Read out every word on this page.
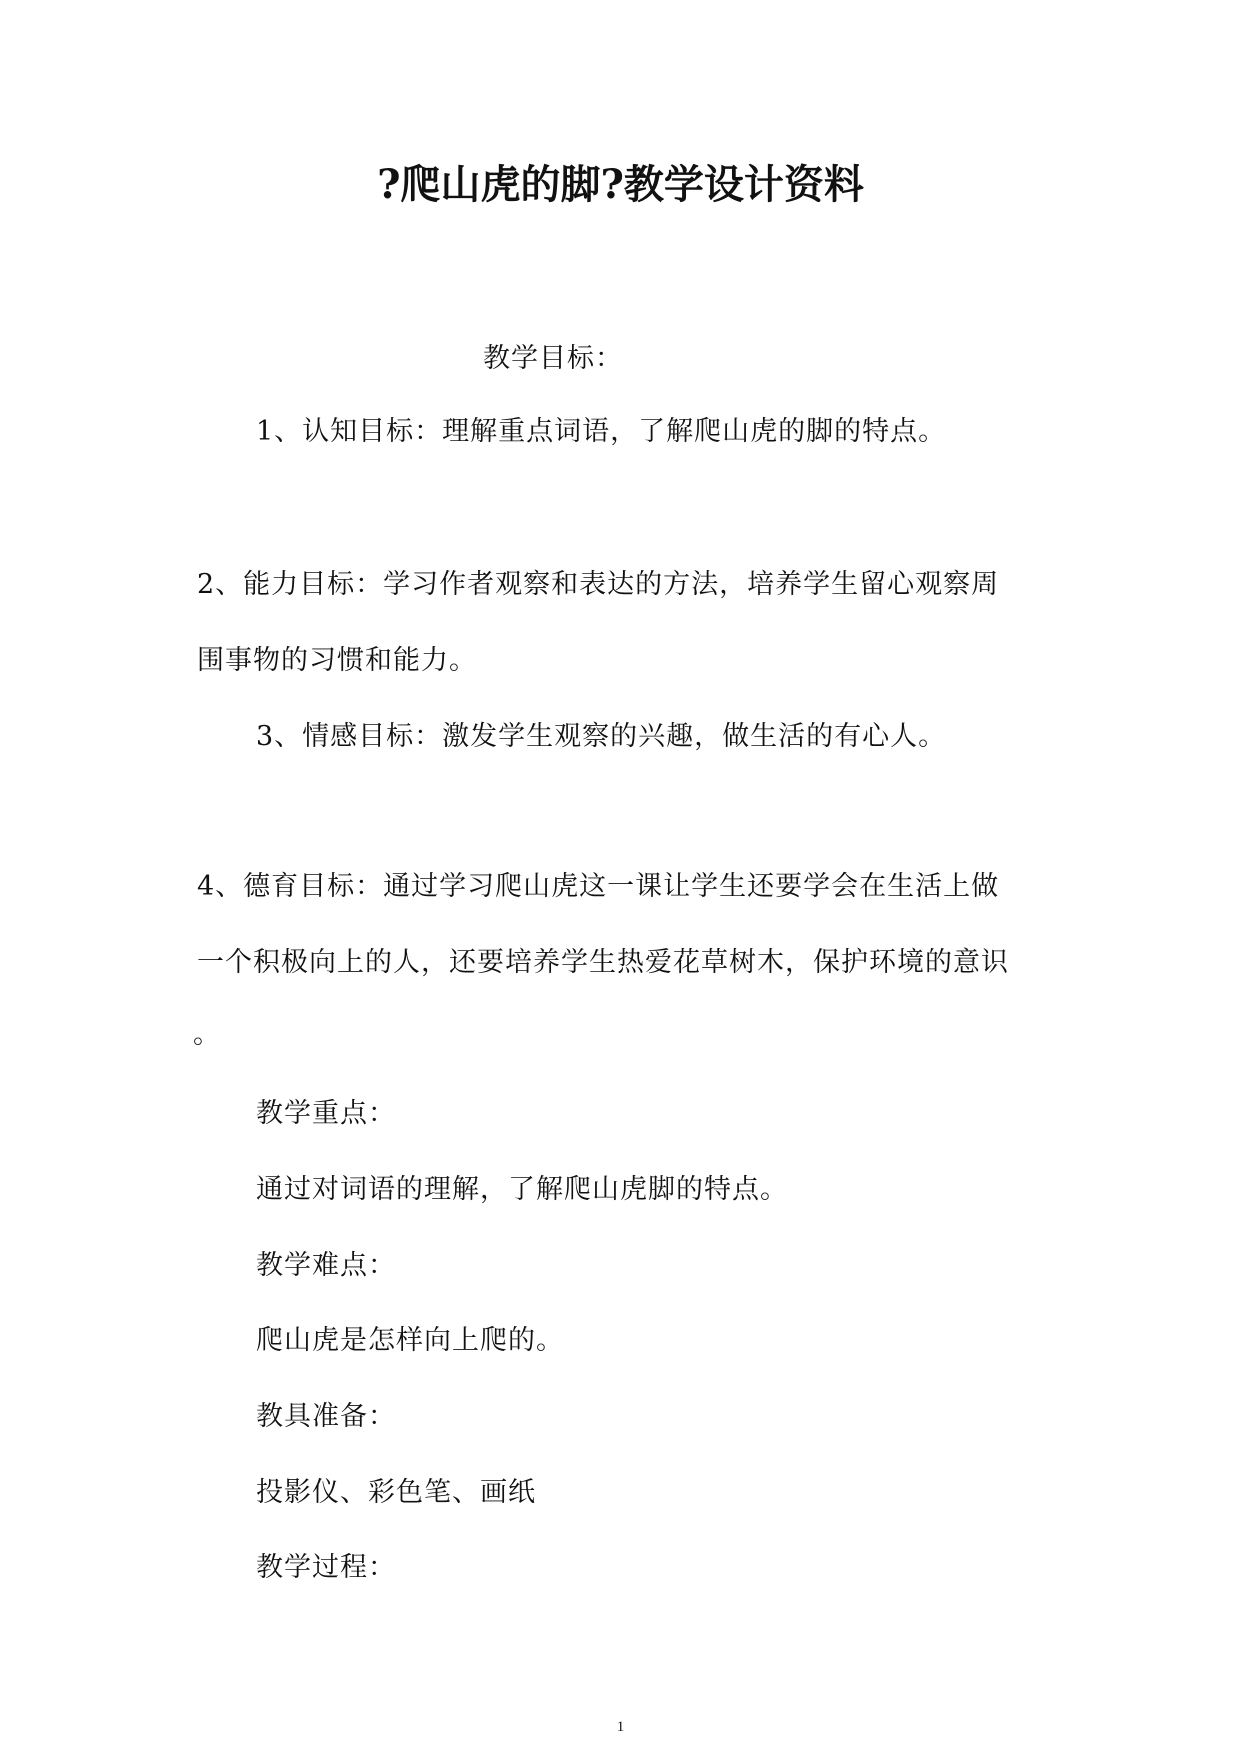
?爬山虎的脚?教学设计资料
教学目标：
1、认知目标：理解重点词语，了解爬山虎的脚的特点。
2、能力目标：学习作者观察和表达的方法，培养学生留心观察周
围事物的习惯和能力。
3、情感目标：激发学生观察的兴趣，做生活的有心人。
4、德育目标：通过学习爬山虎这一课让学生还要学会在生活上做
一个积极向上的人，还要培养学生热爱花草树木，保护环境的意识
。
教学重点：
通过对词语的理解，了解爬山虎脚的特点。
教学难点：
爬山虎是怎样向上爬的。
教具准备：
投影仪、彩色笔、画纸
教学过程：
1
